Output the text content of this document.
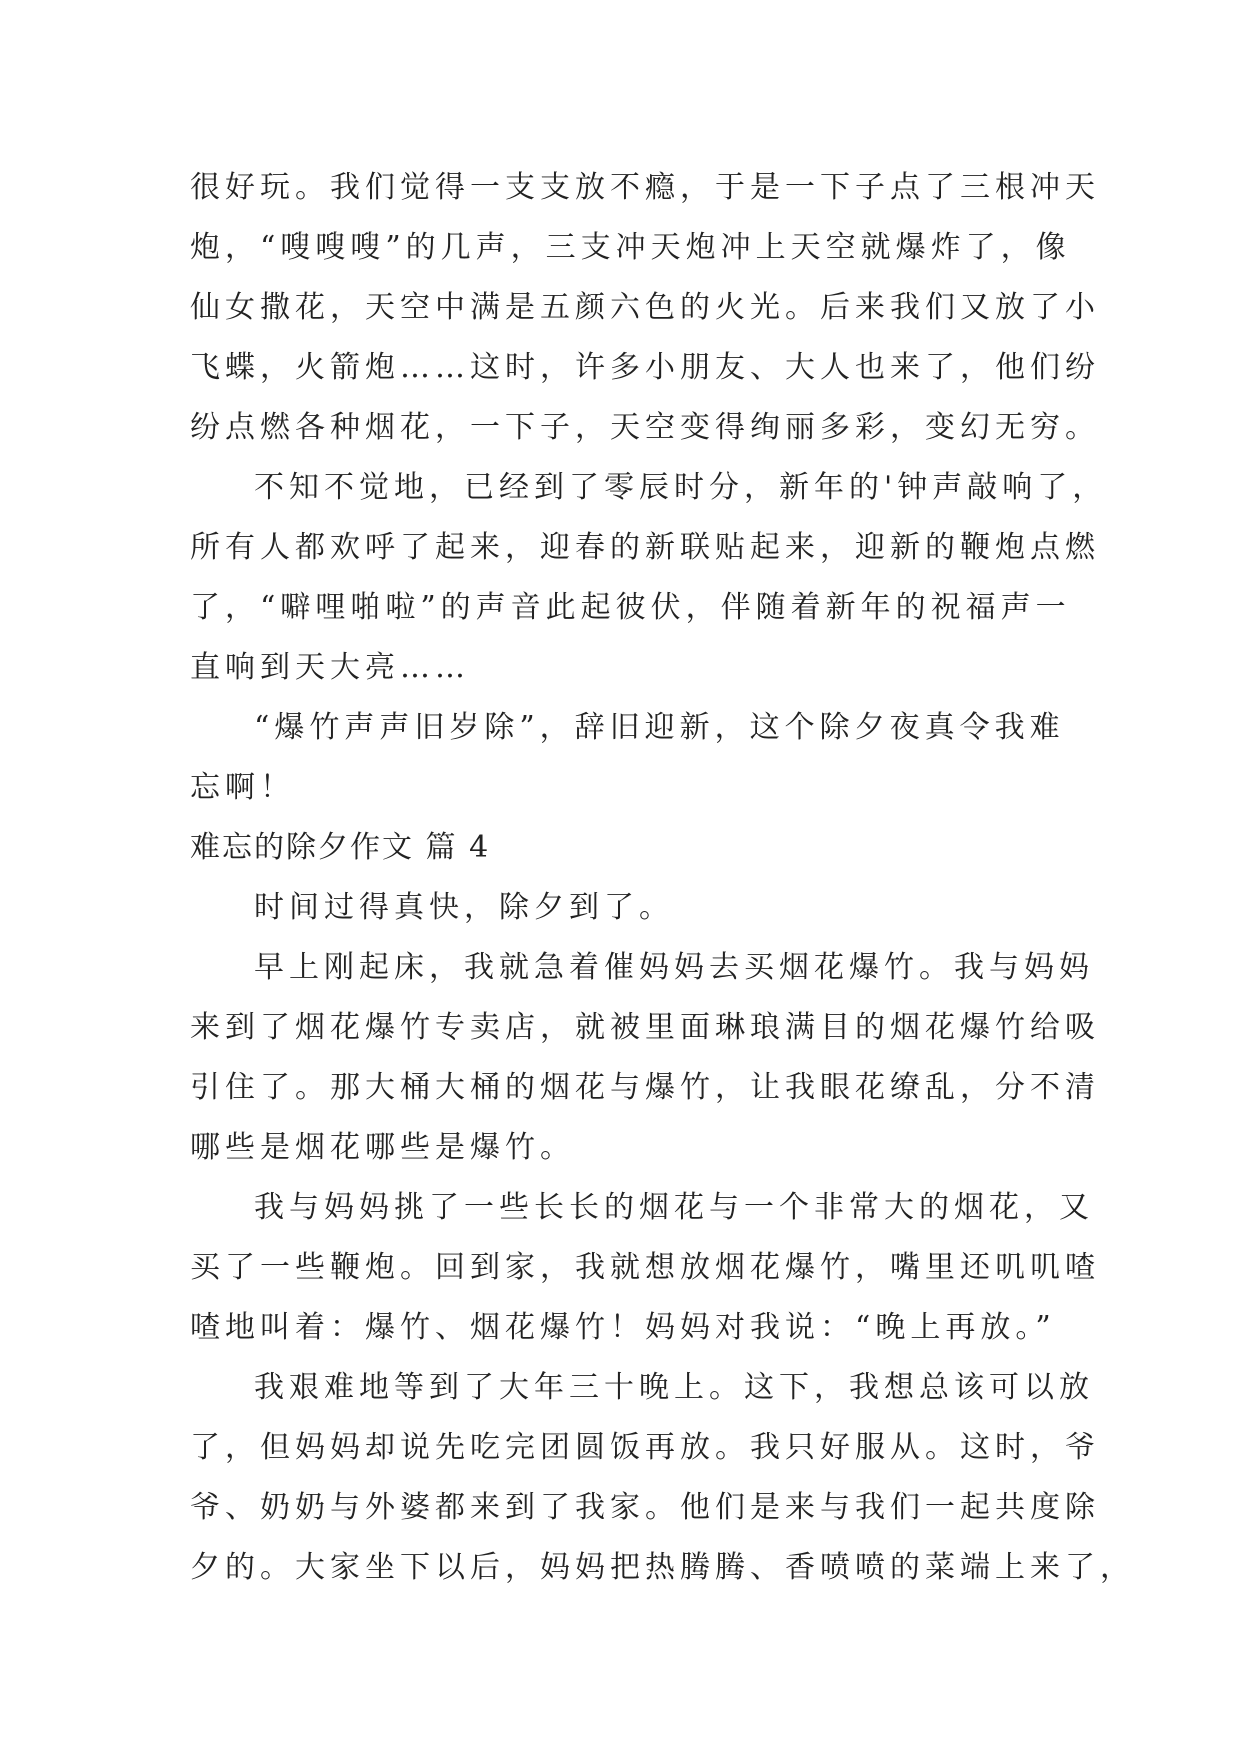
很好玩。我们觉得一支支放不瘾，于是一下子点了三根冲天
炮，“嗖嗖嗖”的几声，三支冲天炮冲上天空就爆炸了，像
仙女撒花，天空中满是五颜六色的火光。后来我们又放了小
飞蝶，火箭炮……这时，许多小朋友、大人也来了，他们纷
纷点燃各种烟花，一下子，天空变得绚丽多彩，变幻无穷。
不知不觉地，已经到了零辰时分，新年的'钟声敲响了，
所有人都欢呼了起来，迎春的新联贴起来，迎新的鞭炮点燃
了，“噼哩啪啦”的声音此起彼伏，伴随着新年的祝福声一
直响到天大亮……
“爆竹声声旧岁除”，辞旧迎新，这个除夕夜真令我难
忘啊！
难忘的除夕作文 篇 4
时间过得真快，除夕到了。
早上刚起床，我就急着催妈妈去买烟花爆竹。我与妈妈
来到了烟花爆竹专卖店，就被里面琳琅满目的烟花爆竹给吸
引住了。那大桶大桶的烟花与爆竹，让我眼花缭乱，分不清
哪些是烟花哪些是爆竹。
我与妈妈挑了一些长长的烟花与一个非常大的烟花，又
买了一些鞭炮。回到家，我就想放烟花爆竹，嘴里还叽叽喳
喳地叫着：爆竹、烟花爆竹！妈妈对我说：“晚上再放。”
我艰难地等到了大年三十晚上。这下，我想总该可以放
了，但妈妈却说先吃完团圆饭再放。我只好服从。这时，爷
爷、奶奶与外婆都来到了我家。他们是来与我们一起共度除
夕的。大家坐下以后，妈妈把热腾腾、香喷喷的菜端上来了，
